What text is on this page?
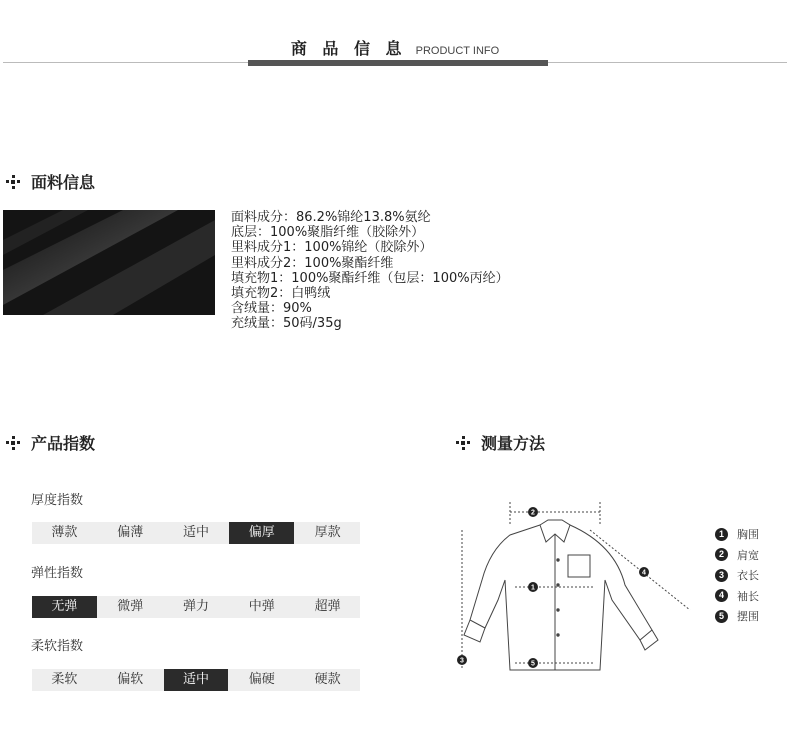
商 品 信 息 PRODUCT INFO
面料信息
面料成分：86.2%锦纶13.8%氨纶
底层：100%聚脂纤维（胶除外）
里料成分1：100%锦纶（胶除外）
里料成分2：100%聚酯纤维
填充物1：100%聚酯纤维（包层：100%丙纶）
填充物2：白鸭绒
含绒量：90%
充绒量：50码/35g
产品指数
厚度指数
薄款	偏薄	适中	偏厚	厚款
弹性指数
无弹	微弹	弹力	中弹	超弹
柔软指数
柔软	偏软	适中	偏硬	硬款
测量方法
2
1
3
4
5
1	胸围
2	肩宽
3	衣长
4	袖长
5	摆围
